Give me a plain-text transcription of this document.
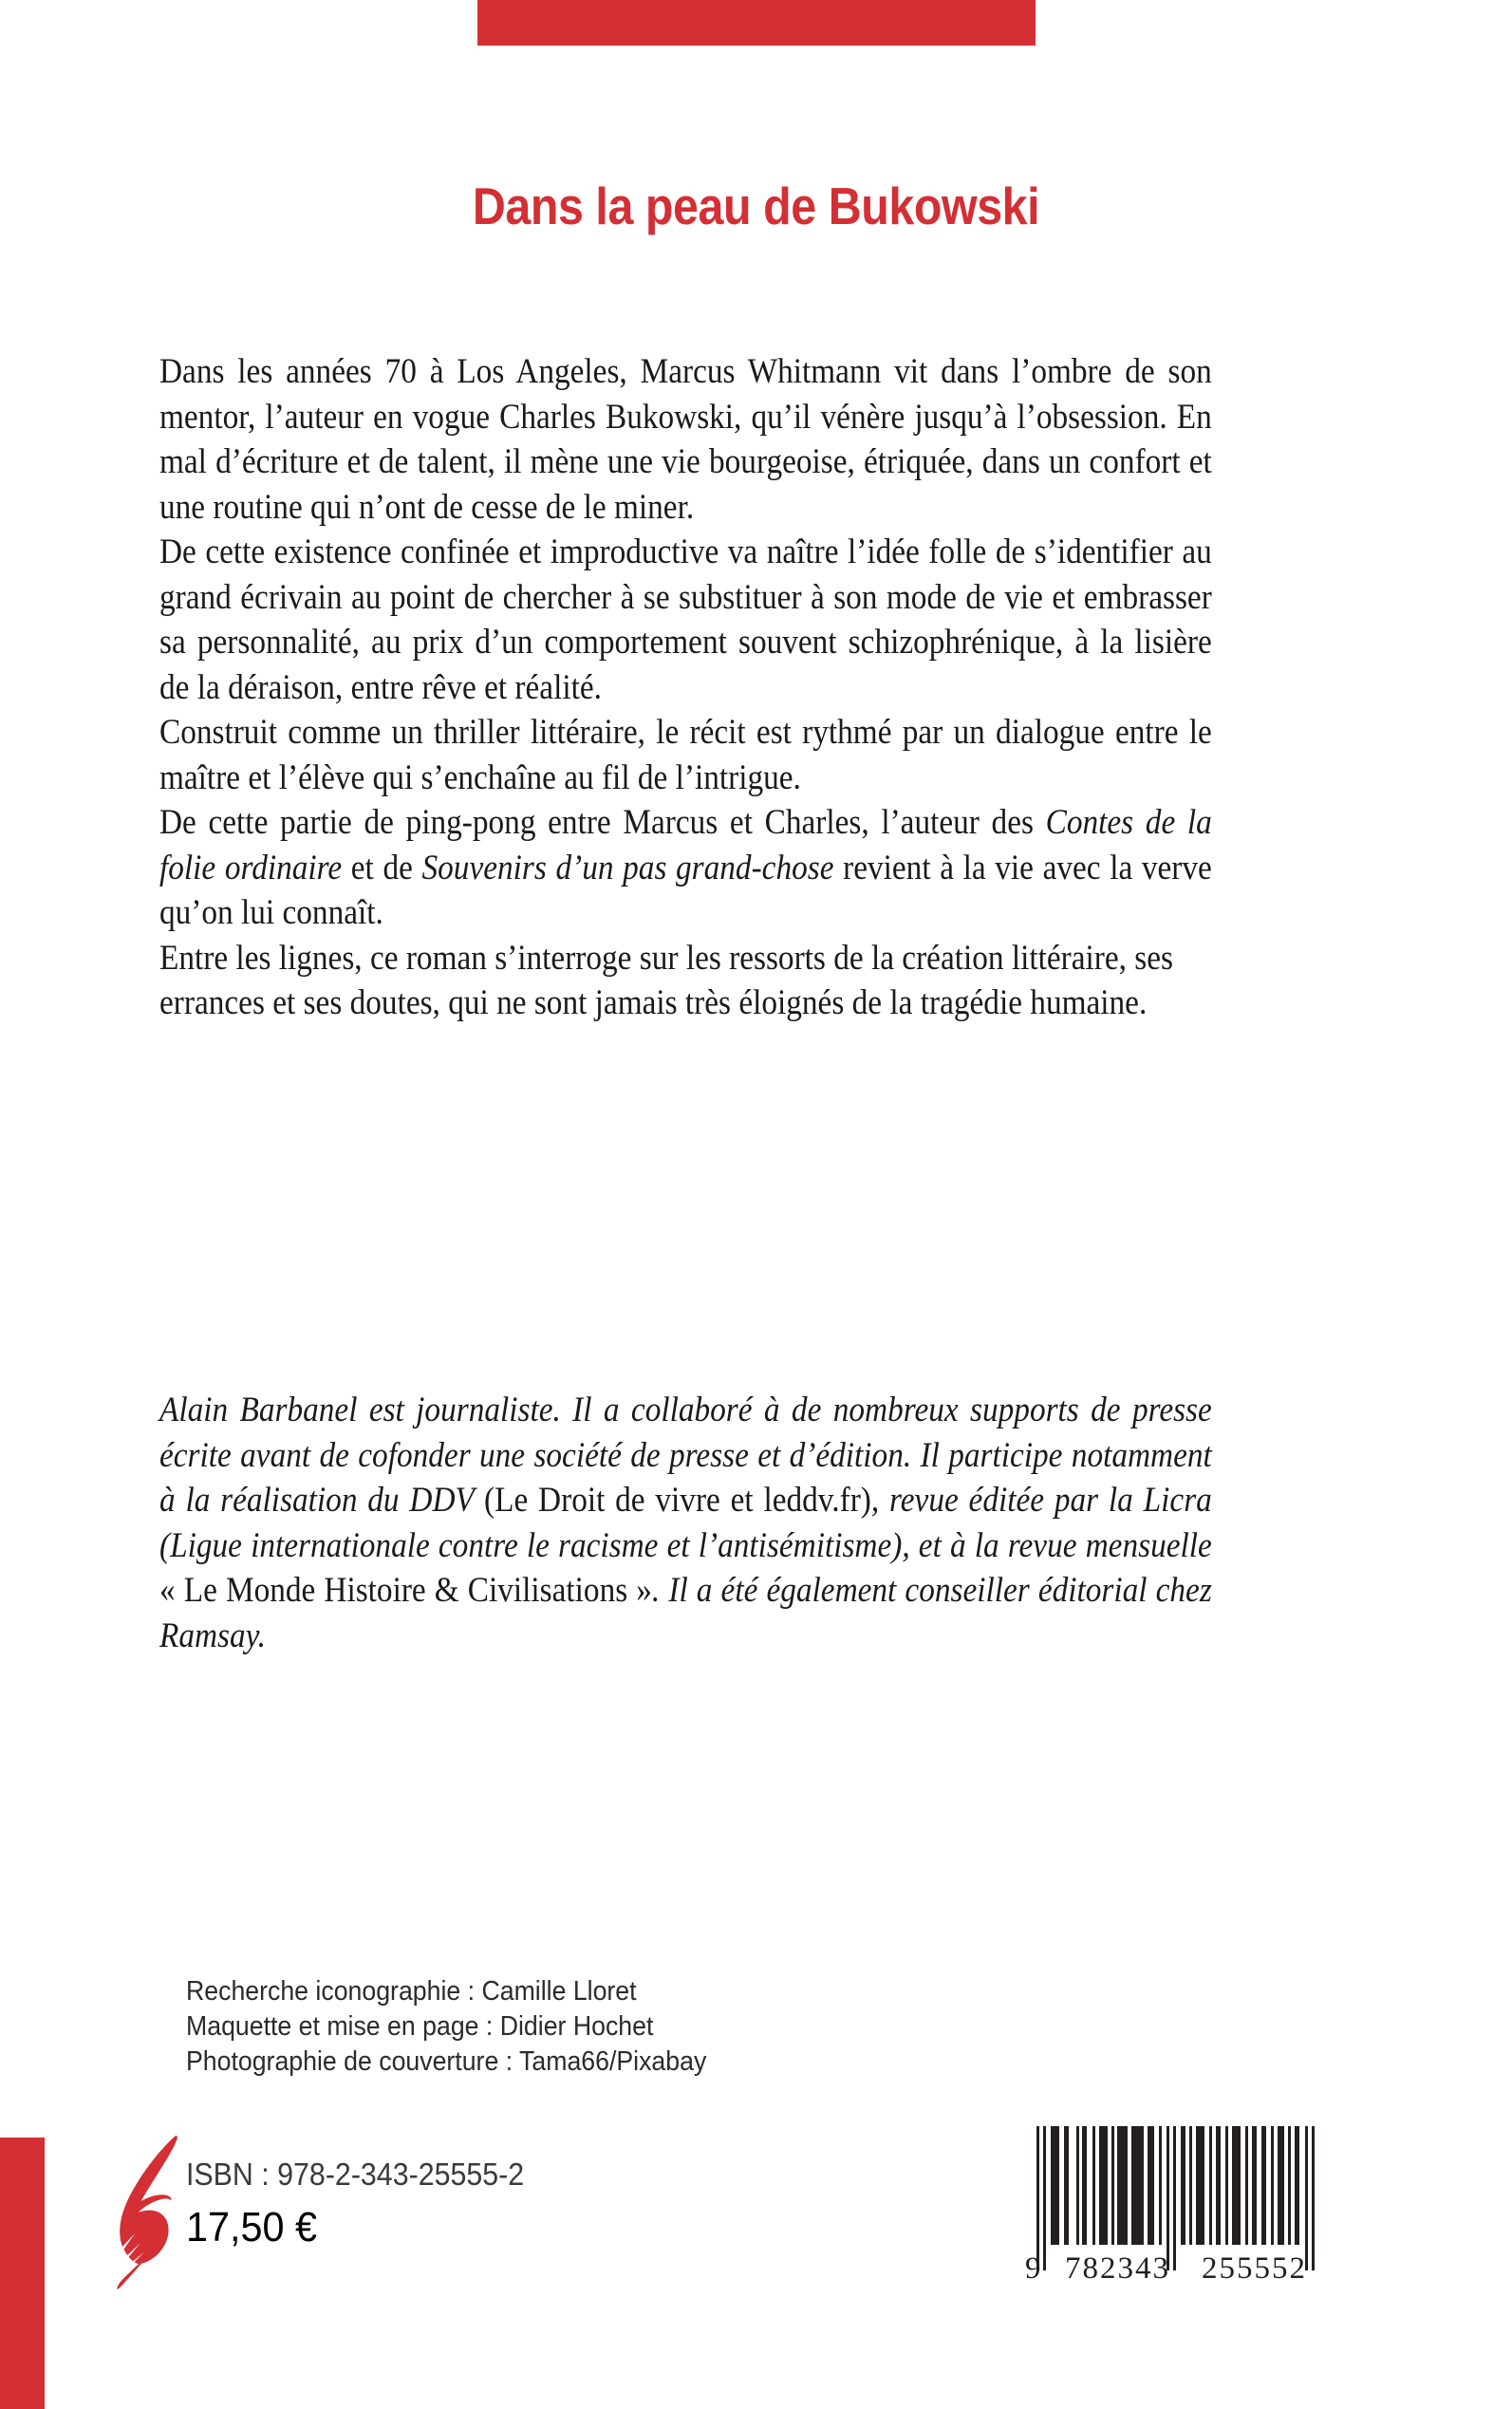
Dans la peau de Bukowski

Dans les années 70 à Los Angeles, Marcus Whitmann vit dans l’ombre de son mentor, l’auteur en vogue Charles Bukowski, qu’il vénère jusqu’à l’obsession. En mal d’écriture et de talent, il mène une vie bourgeoise, étriquée, dans un confort et une routine qui n’ont de cesse de le miner.

De cette existence confinée et improductive va naître l’idée folle de s’identifier au grand écrivain au point de chercher à se substituer à son mode de vie et embrasser sa personnalité, au prix d’un comportement souvent schizophrénique, à la lisière de la déraison, entre rêve et réalité.

Construit comme un thriller littéraire, le récit est rythmé par un dialogue entre le maître et l’élève qui s’enchaîne au fil de l’intrigue.

De cette partie de ping-pong entre Marcus et Charles, l’auteur des Contes de la folie ordinaire et de Souvenirs d’un pas grand-chose revient à la vie avec la verve qu’on lui connaît.

Entre les lignes, ce roman s’interroge sur les ressorts de la création littéraire, ses errances et ses doutes, qui ne sont jamais très éloignés de la tragédie humaine.

Alain Barbanel est journaliste. Il a collaboré à de nombreux supports de presse écrite avant de cofonder une société de presse et d’édition. Il participe notamment à la réalisation du DDV (Le Droit de vivre et leddv.fr), revue éditée par la Licra (Ligue internationale contre le racisme et l’antisémitisme), et à la revue mensuelle « Le Monde Histoire & Civilisations ». Il a été également conseiller éditorial chez Ramsay.

Recherche iconographie : Camille Lloret
Maquette et mise en page : Didier Hochet
Photographie de couverture : Tama66/Pixabay
ISBN : 978-2-343-25555-2
17,50 €
9 782343 255552
